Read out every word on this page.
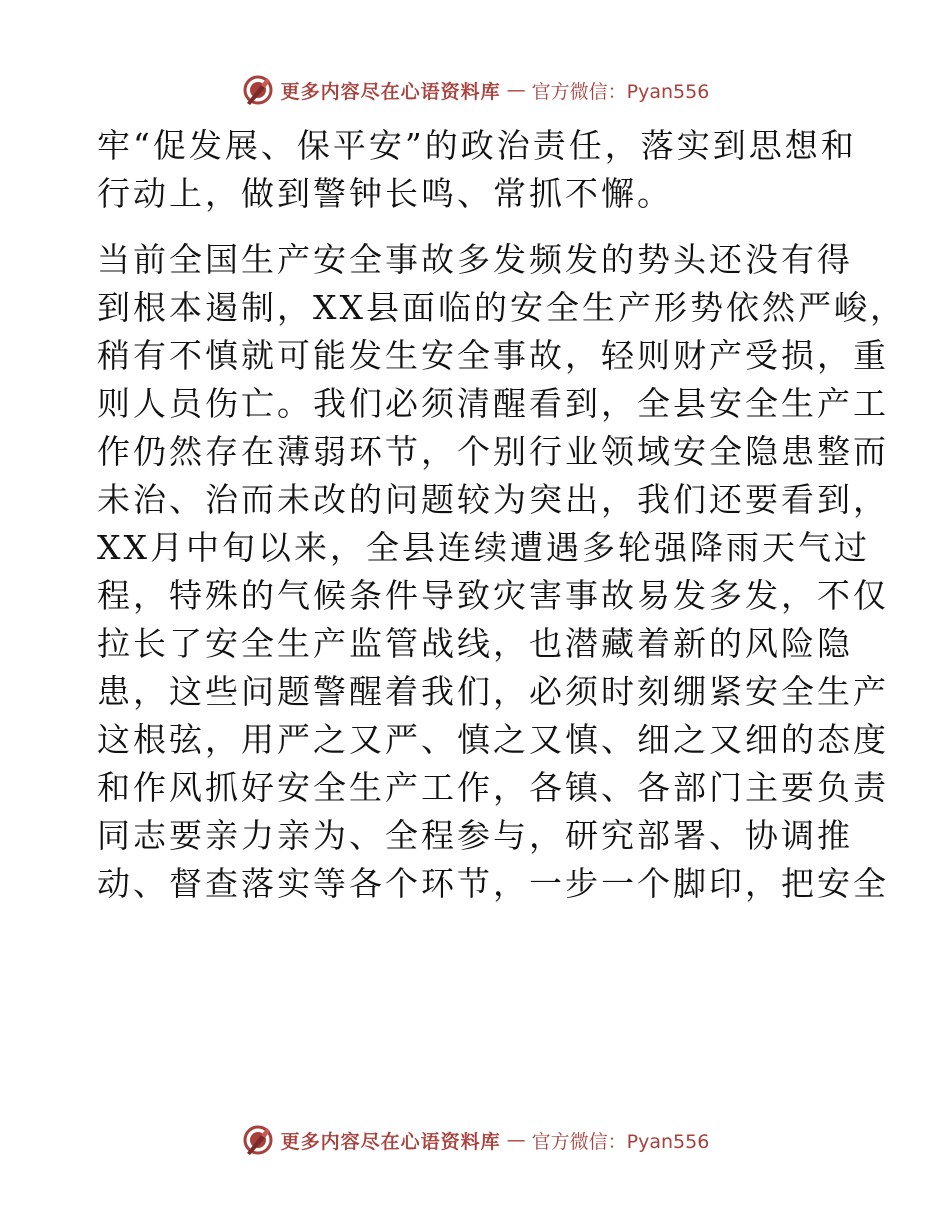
更多内容尽在心语资料库 — 官方微信：Pyan556

牢“促发展、保平安”的政治责任，落实到思想和
行动上，做到警钟长鸣、常抓不懈。

当前全国生产安全事故多发频发的势头还没有得
到根本遏制，XX县面临的安全生产形势依然严峻，
稍有不慎就可能发生安全事故，轻则财产受损，重
则人员伤亡。我们必须清醒看到，全县安全生产工
作仍然存在薄弱环节，个别行业领域安全隐患整而
未治、治而未改的问题较为突出，我们还要看到，
XX月中旬以来，全县连续遭遇多轮强降雨天气过
程，特殊的气候条件导致灾害事故易发多发，不仅
拉长了安全生产监管战线，也潜藏着新的风险隐
患，这些问题警醒着我们，必须时刻绷紧安全生产
这根弦，用严之又严、慎之又慎、细之又细的态度
和作风抓好安全生产工作，各镇、各部门主要负责
同志要亲力亲为、全程参与，研究部署、协调推
动、督查落实等各个环节，一步一个脚印，把安全

更多内容尽在心语资料库 — 官方微信：Pyan556
